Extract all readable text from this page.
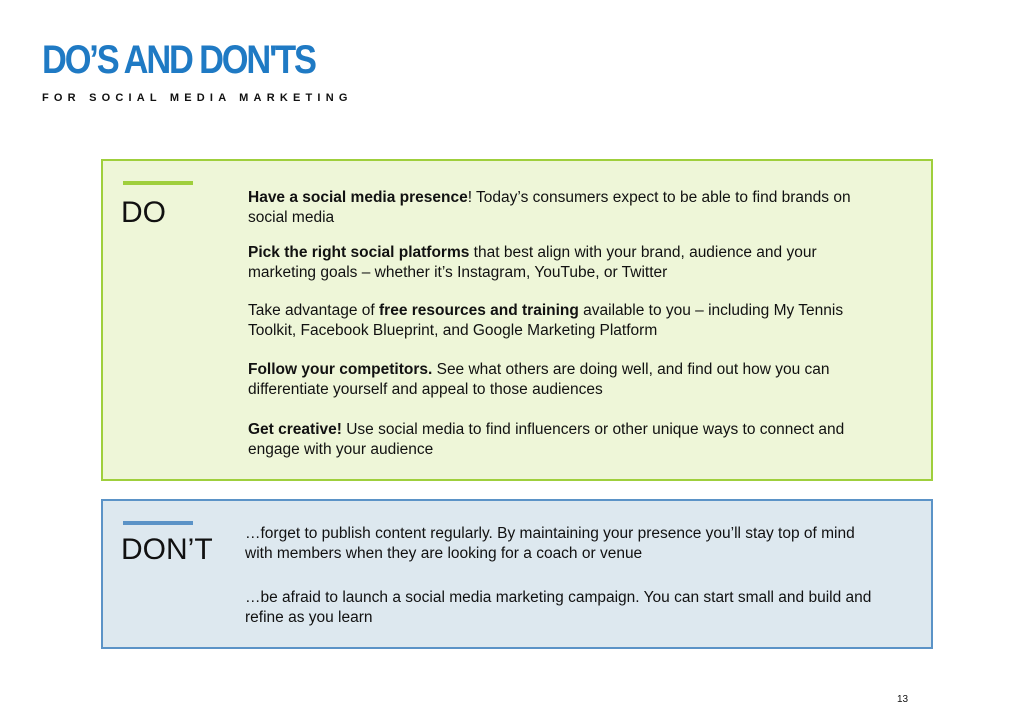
DO’S AND DON'TS

FOR SOCIAL MEDIA MARKETING

DO	Have a social media presence! Today’s consumers expect to be able to find brands on social media

Pick the right social platforms that best align with your brand, audience and your marketing goals – whether it’s Instagram, YouTube, or Twitter

Take advantage of free resources and training available to you – including My Tennis Toolkit, Facebook Blueprint, and Google Marketing Platform

Follow your competitors. See what others are doing well, and find out how you can differentiate yourself and appeal to those audiences

Get creative! Use social media to find influencers or other unique ways to connect and engage with your audience

DON’T …forget to publish content regularly. By maintaining your presence you’ll stay top of mind with members when they are looking for a coach or venue

…be afraid to launch a social media marketing campaign. You can start small and build and refine as you learn

13
